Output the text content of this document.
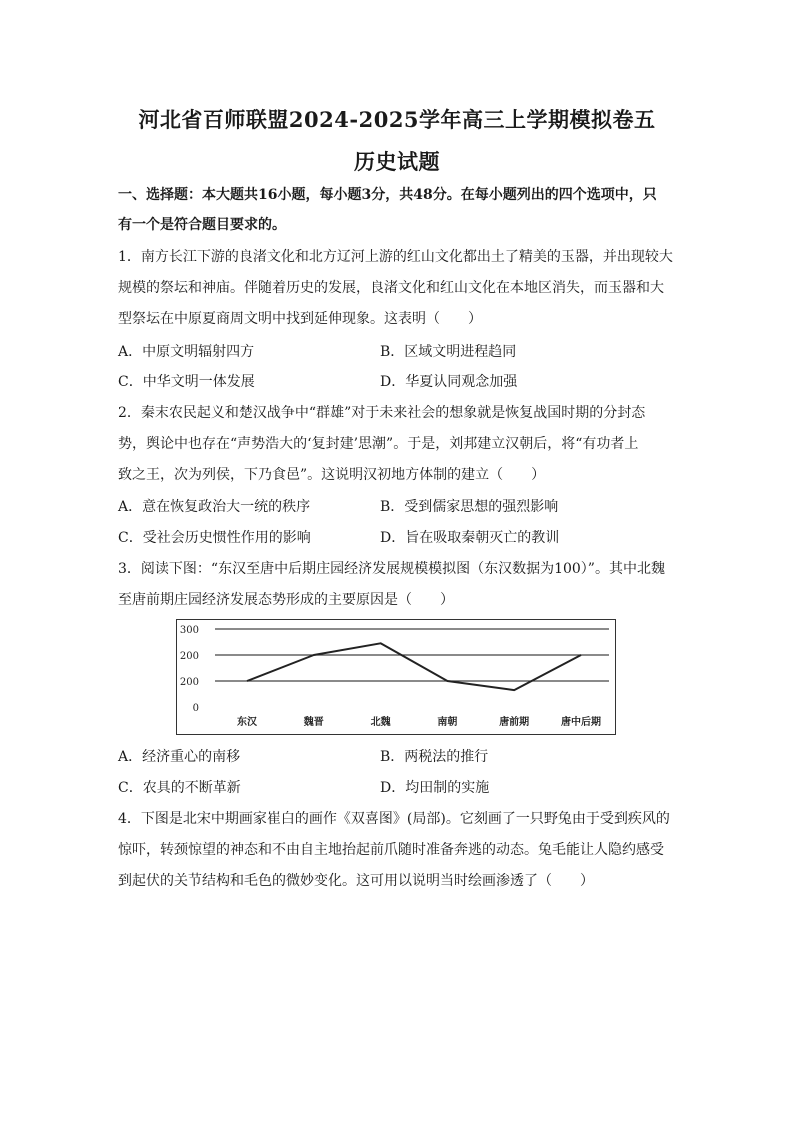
河北省百师联盟2024-2025学年高三上学期模拟卷五
历史试题
一、选择题：本大题共16小题，每小题3分，共48分。在每小题列出的四个选项中，只
有一个是符合题目要求的。
1．南方长江下游的良渚文化和北方辽河上游的红山文化都出土了精美的玉器，并出现较大
规模的祭坛和神庙。伴随着历史的发展，良渚文化和红山文化在本地区消失，而玉器和大
型祭坛在中原夏商周文明中找到延伸现象。这表明（　　）
A．中原文明辐射四方	B．区域文明进程趋同
C．中华文明一体发展	D．华夏认同观念加强
2．秦末农民起义和楚汉战争中“群雄”对于未来社会的想象就是恢复战国时期的分封态
势，舆论中也存在“声势浩大的‘复封建’思潮”。于是，刘邦建立汉朝后，将“有功者上
致之王，次为列侯，下乃食邑”。这说明汉初地方体制的建立（　　）
A．意在恢复政治大一统的秩序	B．受到儒家思想的强烈影响
C．受社会历史惯性作用的影响	D．旨在吸取秦朝灭亡的教训
3．阅读下图：“东汉至唐中后期庄园经济发展规模模拟图（东汉数据为100）”。其中北魏
至唐前期庄园经济发展态势形成的主要原因是（　　）
0
200
200
300
东汉	魏晋	北魏	南朝	唐前期	唐中后期
A．经济重心的南移	B．两税法的推行
C．农具的不断革新	D．均田制的实施
4．下图是北宋中期画家崔白的画作《双喜图》(局部)。它刻画了一只野兔由于受到疾风的
惊吓，转颈惊望的神态和不由自主地抬起前爪随时准备奔逃的动态。兔毛能让人隐约感受
到起伏的关节结构和毛色的微妙变化。这可用以说明当时绘画渗透了（　　）
